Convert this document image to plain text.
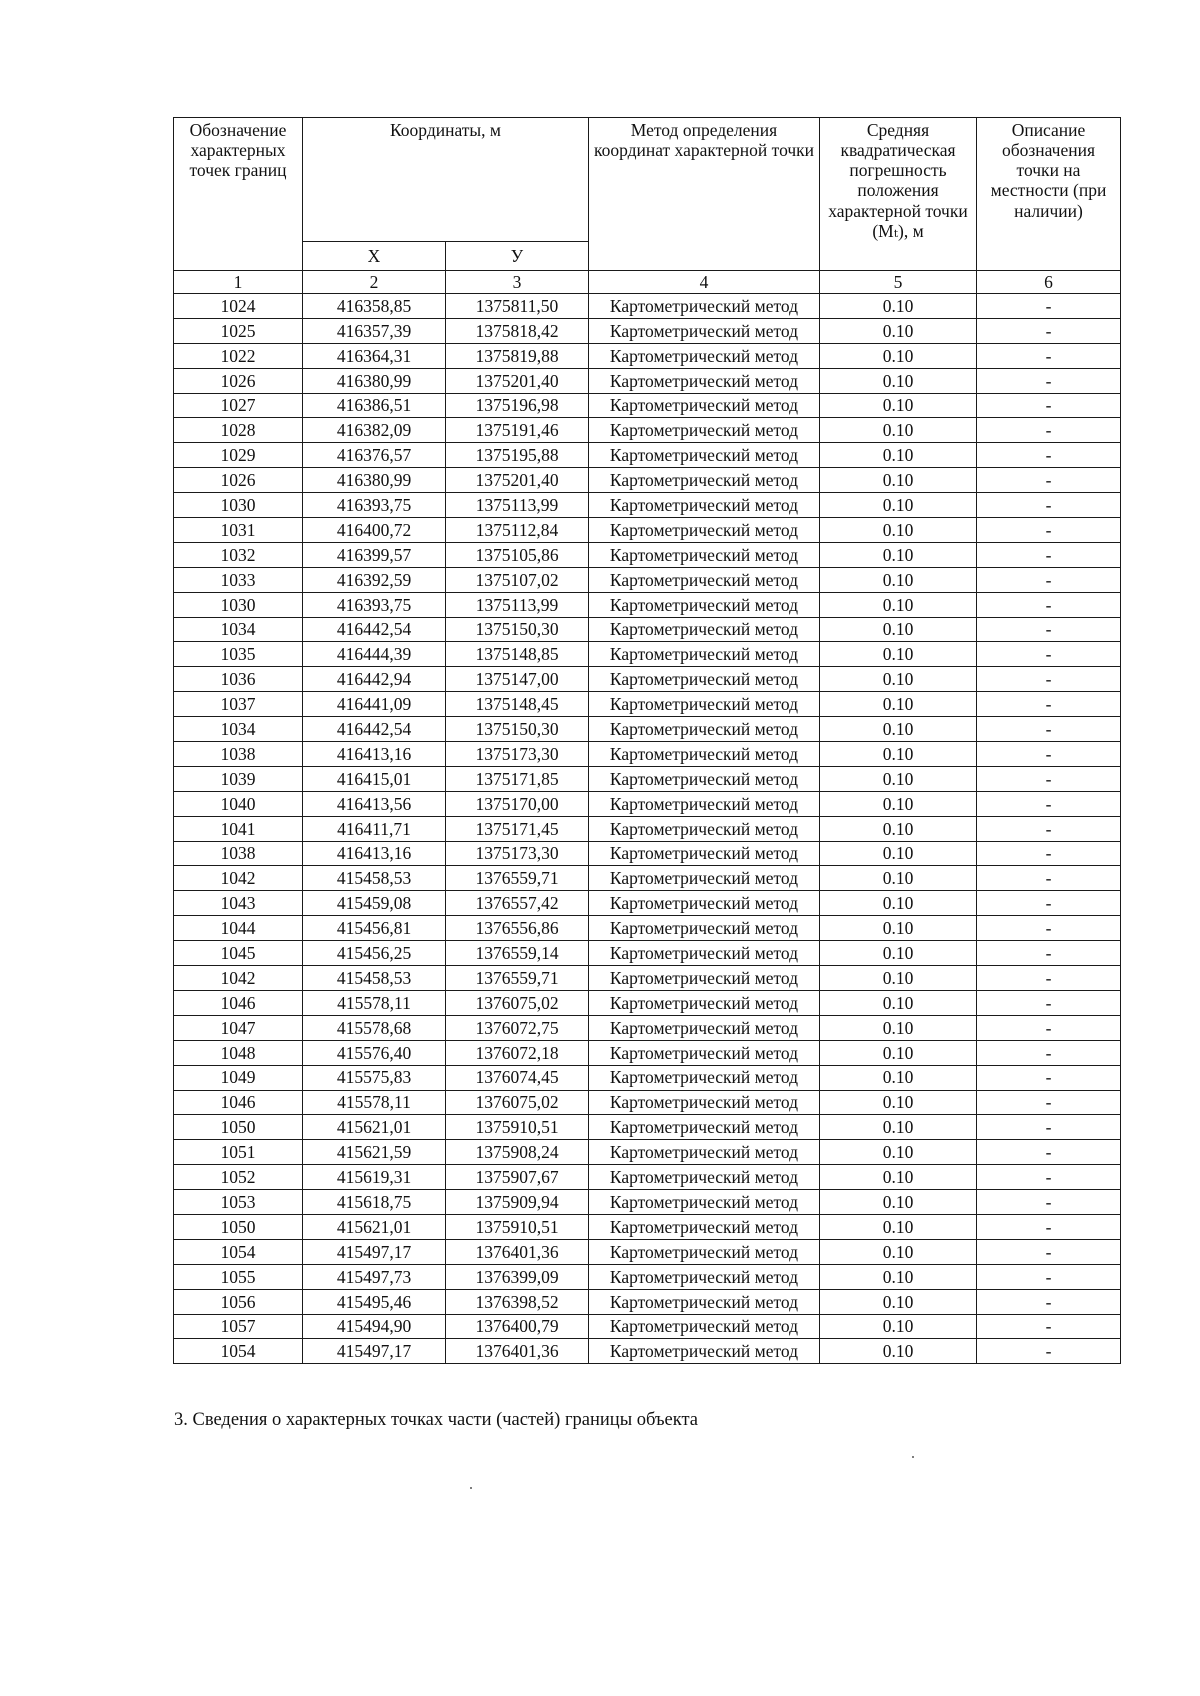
Обозначение характерных точек границ	Координаты, м		Метод определения координат характерной точки	Средняя квадратическая погрешность положения характерной точки (Mₜ), м	Описание обозначения точки на местности (при наличии)
	Х	У			
1	2	3	4	5	6
1024	416358,85	1375811,50	Картометрический метод	0.10	-
1025	416357,39	1375818,42	Картометрический метод	0.10	-
1022	416364,31	1375819,88	Картометрический метод	0.10	-
1026	416380,99	1375201,40	Картометрический метод	0.10	-
1027	416386,51	1375196,98	Картометрический метод	0.10	-
1028	416382,09	1375191,46	Картометрический метод	0.10	-
1029	416376,57	1375195,88	Картометрический метод	0.10	-
1026	416380,99	1375201,40	Картометрический метод	0.10	-
1030	416393,75	1375113,99	Картометрический метод	0.10	-
1031	416400,72	1375112,84	Картометрический метод	0.10	-
1032	416399,57	1375105,86	Картометрический метод	0.10	-
1033	416392,59	1375107,02	Картометрический метод	0.10	-
1030	416393,75	1375113,99	Картометрический метод	0.10	-
1034	416442,54	1375150,30	Картометрический метод	0.10	-
1035	416444,39	1375148,85	Картометрический метод	0.10	-
1036	416442,94	1375147,00	Картометрический метод	0.10	-
1037	416441,09	1375148,45	Картометрический метод	0.10	-
1034	416442,54	1375150,30	Картометрический метод	0.10	-
1038	416413,16	1375173,30	Картометрический метод	0.10	-
1039	416415,01	1375171,85	Картометрический метод	0.10	-
1040	416413,56	1375170,00	Картометрический метод	0.10	-
1041	416411,71	1375171,45	Картометрический метод	0.10	-
1038	416413,16	1375173,30	Картометрический метод	0.10	-
1042	415458,53	1376559,71	Картометрический метод	0.10	-
1043	415459,08	1376557,42	Картометрический метод	0.10	-
1044	415456,81	1376556,86	Картометрический метод	0.10	-
1045	415456,25	1376559,14	Картометрический метод	0.10	-
1042	415458,53	1376559,71	Картометрический метод	0.10	-
1046	415578,11	1376075,02	Картометрический метод	0.10	-
1047	415578,68	1376072,75	Картометрический метод	0.10	-
1048	415576,40	1376072,18	Картометрический метод	0.10	-
1049	415575,83	1376074,45	Картометрический метод	0.10	-
1046	415578,11	1376075,02	Картометрический метод	0.10	-
1050	415621,01	1375910,51	Картометрический метод	0.10	-
1051	415621,59	1375908,24	Картометрический метод	0.10	-
1052	415619,31	1375907,67	Картометрический метод	0.10	-
1053	415618,75	1375909,94	Картометрический метод	0.10	-
1050	415621,01	1375910,51	Картометрический метод	0.10	-
1054	415497,17	1376401,36	Картометрический метод	0.10	-
1055	415497,73	1376399,09	Картометрический метод	0.10	-
1056	415495,46	1376398,52	Картометрический метод	0.10	-
1057	415494,90	1376400,79	Картометрический метод	0.10	-
1054	415497,17	1376401,36	Картометрический метод	0.10	-
3. Сведения о характерных точках части (частей) границы объекта
